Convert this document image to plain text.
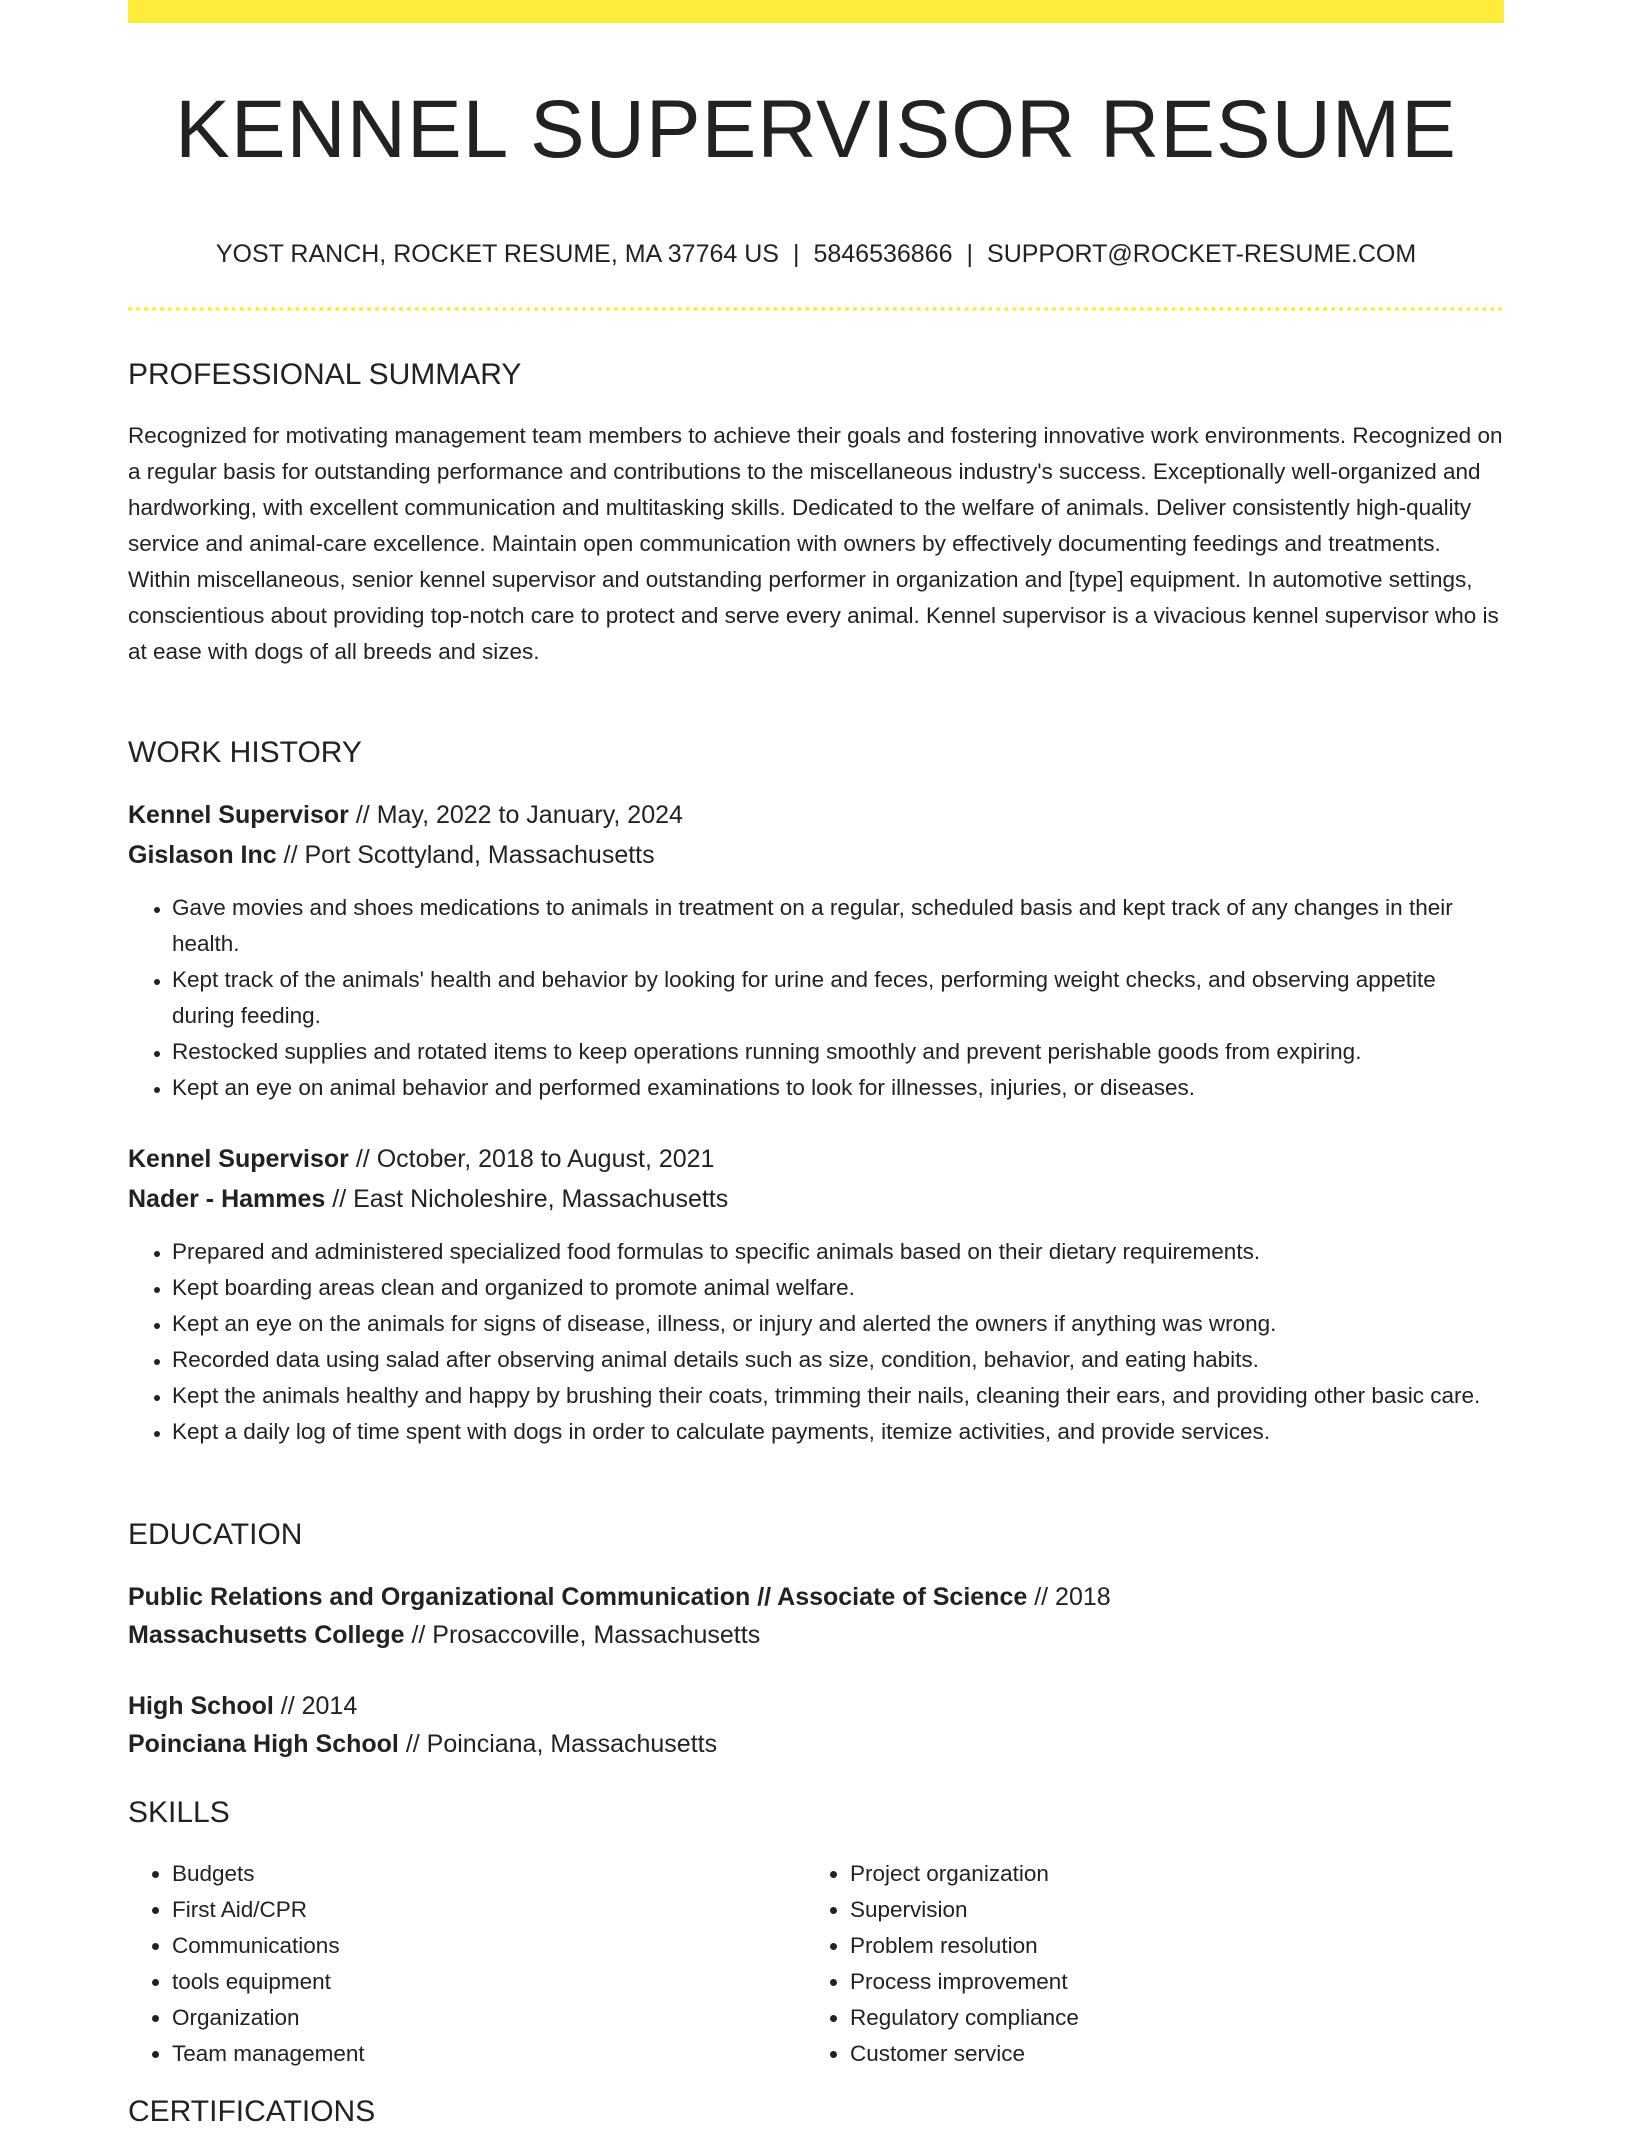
KENNEL SUPERVISOR RESUME
YOST RANCH, ROCKET RESUME, MA 37764 US | 5846536866 | SUPPORT@ROCKET-RESUME.COM
PROFESSIONAL SUMMARY

Recognized for motivating management team members to achieve their goals and fostering innovative work environments. Recognized on a regular basis for outstanding performance and contributions to the miscellaneous industry's success. Exceptionally well-organized and hardworking, with excellent communication and multitasking skills. Dedicated to the welfare of animals. Deliver consistently high-quality service and animal-care excellence. Maintain open communication with owners by effectively documenting feedings and treatments. Within miscellaneous, senior kennel supervisor and outstanding performer in organization and [type] equipment. In automotive settings, conscientious about providing top-notch care to protect and serve every animal. Kennel supervisor is a vivacious kennel supervisor who is at ease with dogs of all breeds and sizes.

WORK HISTORY
Kennel Supervisor // May, 2022 to January, 2024
Gislason Inc // Port Scottyland, Massachusetts
• Gave movies and shoes medications to animals in treatment on a regular, scheduled basis and kept track of any changes in their health.
• Kept track of the animals' health and behavior by looking for urine and feces, performing weight checks, and observing appetite during feeding.
• Restocked supplies and rotated items to keep operations running smoothly and prevent perishable goods from expiring.
• Kept an eye on animal behavior and performed examinations to look for illnesses, injuries, or diseases.
Kennel Supervisor // October, 2018 to August, 2021
Nader - Hammes // East Nicholeshire, Massachusetts
• Prepared and administered specialized food formulas to specific animals based on their dietary requirements.
• Kept boarding areas clean and organized to promote animal welfare.
• Kept an eye on the animals for signs of disease, illness, or injury and alerted the owners if anything was wrong.
• Recorded data using salad after observing animal details such as size, condition, behavior, and eating habits.
• Kept the animals healthy and happy by brushing their coats, trimming their nails, cleaning their ears, and providing other basic care.
• Kept a daily log of time spent with dogs in order to calculate payments, itemize activities, and provide services.
EDUCATION
Public Relations and Organizational Communication // Associate of Science // 2018
Massachusetts College // Prosaccoville, Massachusetts
High School // 2014
Poinciana High School // Poinciana, Massachusetts
SKILLS
• Budgets
• First Aid/CPR
• Communications
• tools equipment
• Organization
• Team management
• Project organization
• Supervision
• Problem resolution
• Process improvement
• Regulatory compliance
• Customer service
CERTIFICATIONS
